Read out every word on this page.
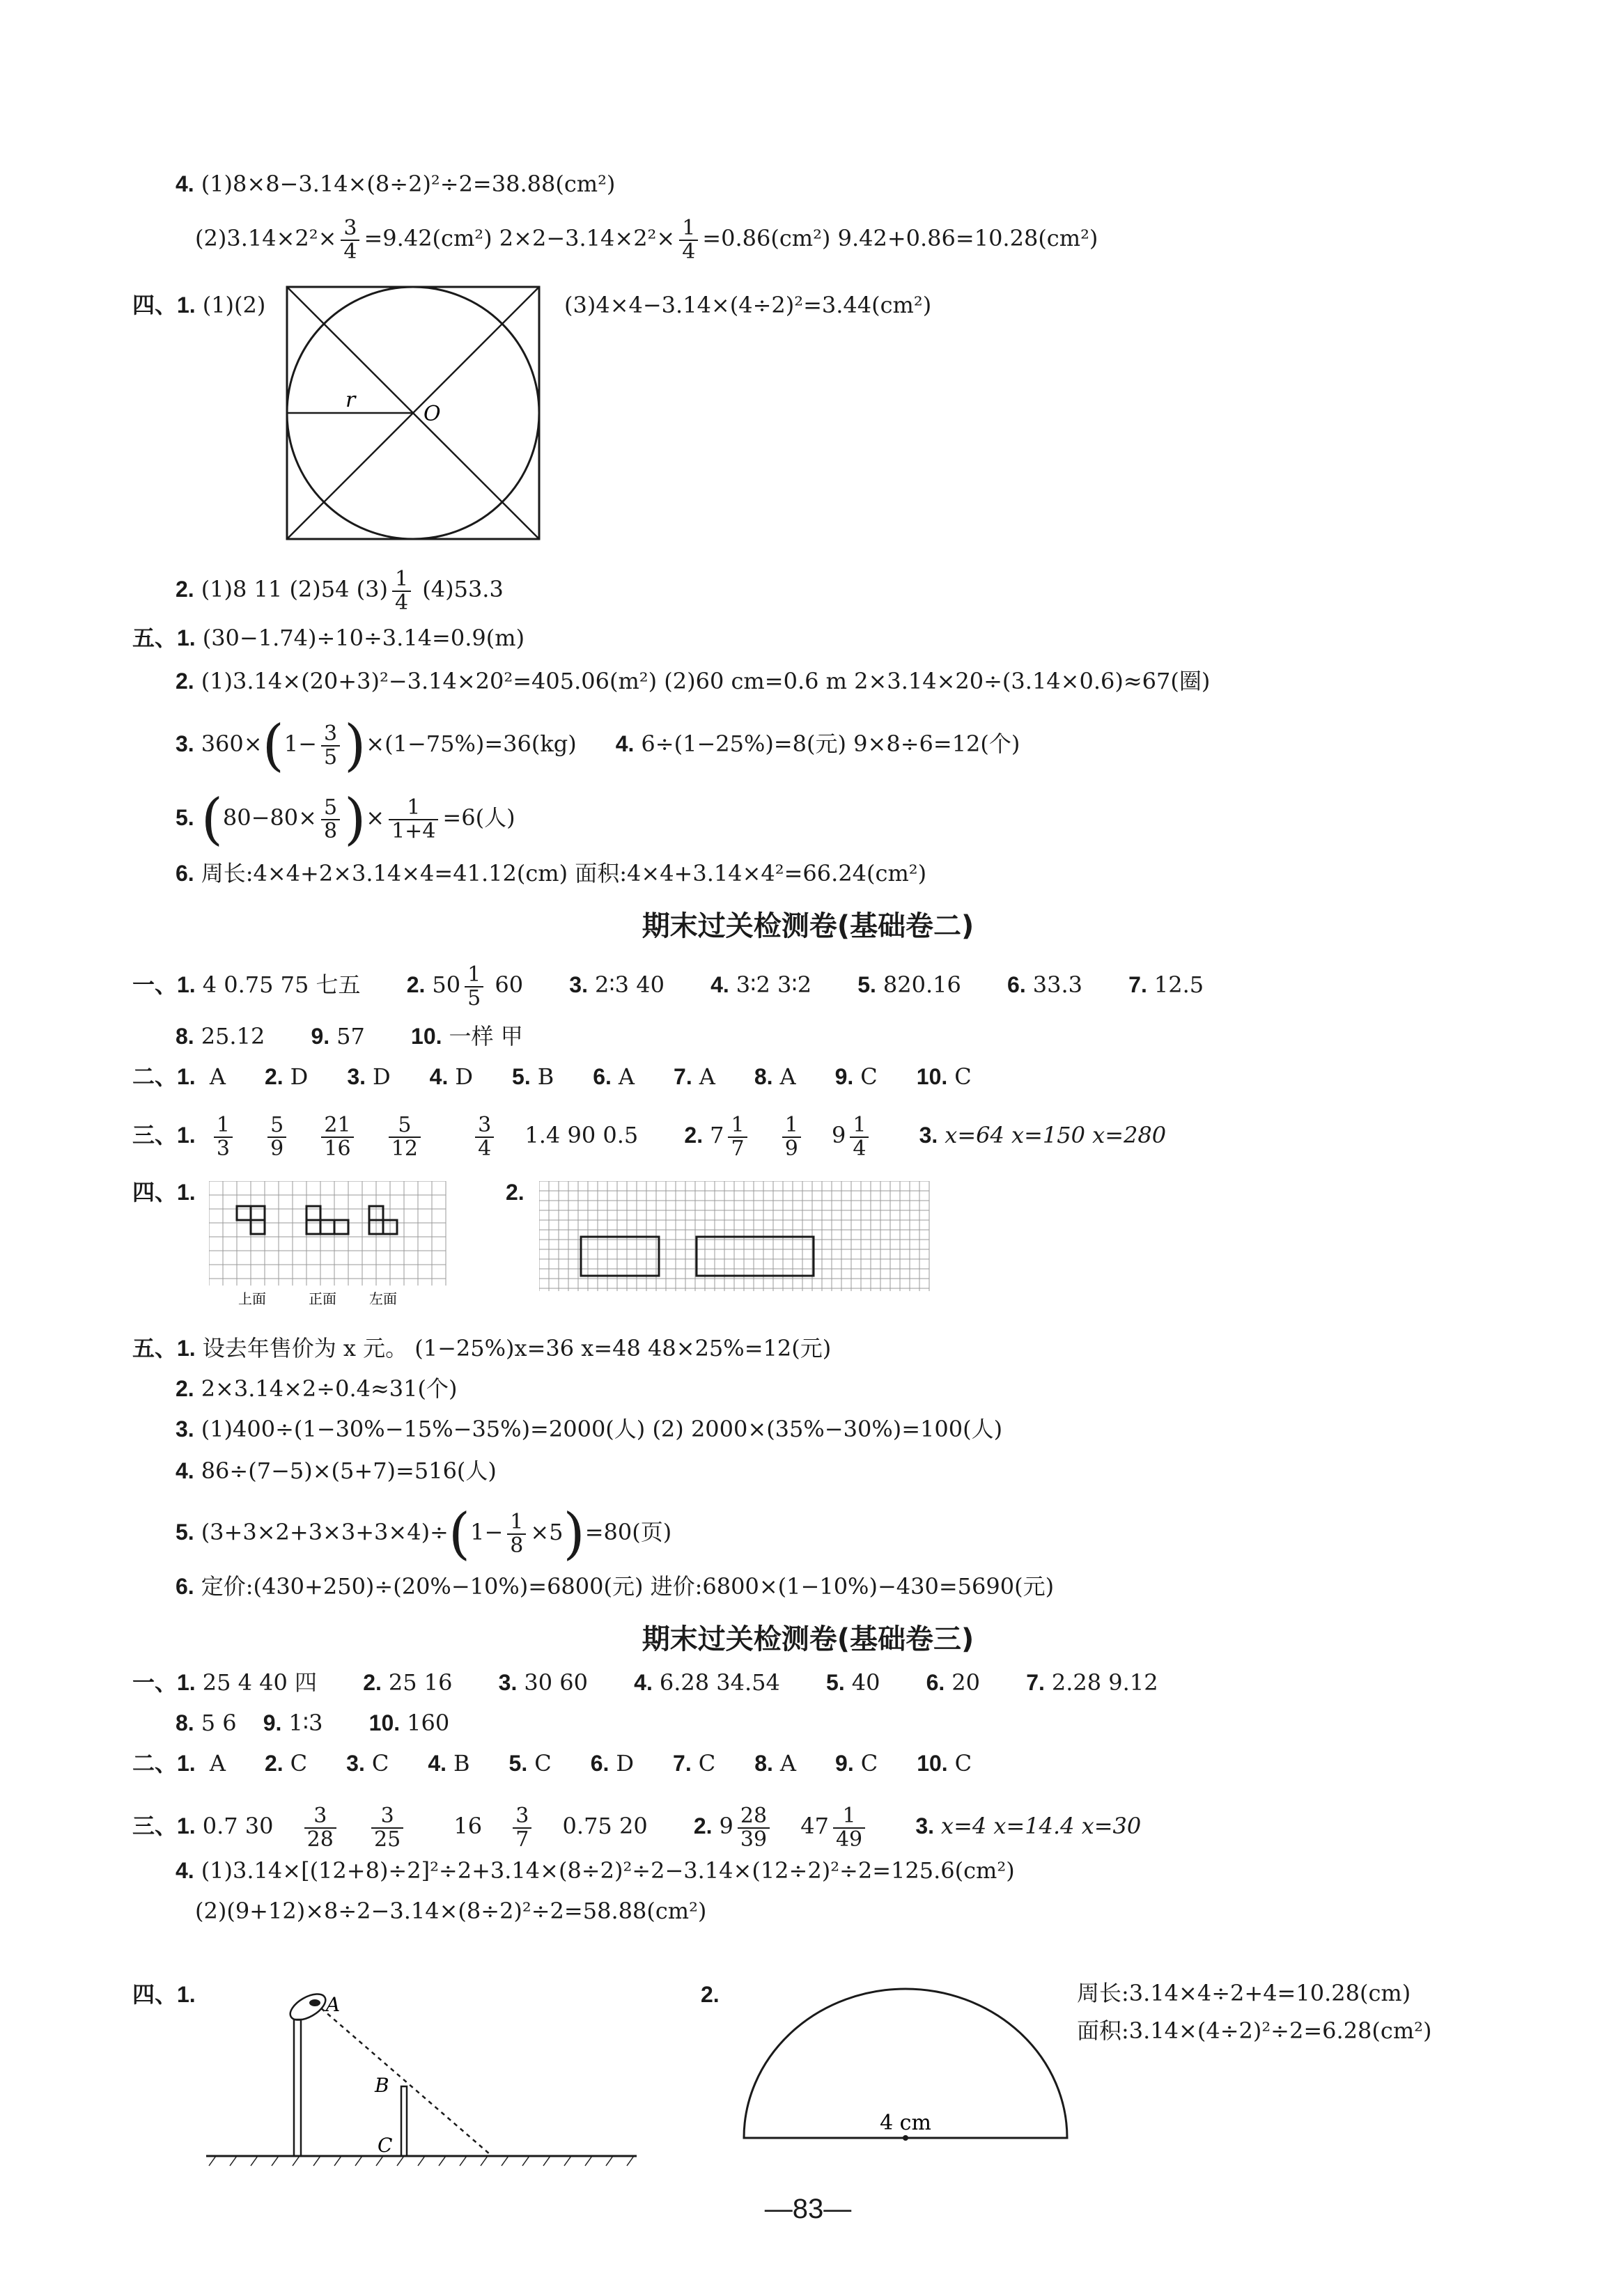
4. (1)8×8−3.14×(8÷2)²÷2=38.88(cm²)
$(2)3.14\times 2^2\times \frac{3}{4} =9.42(cm^2)$ $2\times 2-3.14\times 2^2\times \frac{1}{4} =0.86(cm^2)$ 9.42+0.86=10.28(cm²)
四、1. (1)(2)	(3)4×4−3.14×(4÷2)²=3.44(cm²)
r
O
2. (1)8 11 (2)54 $(3) \frac{1}{4} (4)53.3$
五、1. (30−1.74)÷10÷3.14=0.9(m)
2. (1)3.14×(20+3)²−3.14×20²=405.06(m²) (2)60 cm=0.6 m 2×3.14×20÷(3.14×0.6)≈67(圈)
3. $360\times(1- \frac{3}{5} )\times(1-75\%)=36(kg)$ 4. 6÷(1−25%)=8(元) 9×8÷6=12(个)
5. ($80-80\times \frac{5}{8}$ )× $\frac{1}{1+4} =6$(人)
6. 周长:4×4+2×3.14×4=41.12(cm) 面积:4×4+3.14×4²=66.24(cm²)
期末过关检测卷(基础卷二)
一、1. 4 0.75 75 七五 2. $50 \frac{1}{5} 60$ 3. 2∶3 40 4. 3∶2 3∶2 5. 820.16 6. 33.3 7. 12.5
8. 25.12 9. 57 10. 一样 甲
二、1. A 2. D 3. D 4. D 5. B 6. A 7. A 8. A 9. C 10. C
三、1. $\frac{1}{3}$
$\frac{5}{9}$
$\frac{21}{16}$
$\frac{5}{12}$
	$\frac{3}{4} 1.4$ 90 0.5 2. $7 \frac{1}{7}$
$\frac{1}{9} 9 \frac{1}{4} 3$. x=64 x=150 x=280
四、1.	2.
上面	正面 左面
五、1. 设去年售价为 x 元。 (1−25%)x=36 x=48 48×25%=12(元)
2. 2×3.14×2÷0.4≈31(个)
3. (1)400÷(1−30%−15%−35%)=2000(人) (2) 2000×(35%−30%)=100(人)
4. 86÷(7−5)×(5+7)=516(人)
5. $(3+3\times 2+3\times 3+3\times 4)\div(1- \frac{1}{8} \times 5)=80$(页)
6. 定价:(430+250)÷(20%−10%)=6800(元) 进价:6800×(1−10%)−430=5690(元)
期末过关检测卷(基础卷三)
一、1. 25 4 40 四 2. 25 16 3. 30 60 4. 6.28 34.54 5. 40 6. 20 7. 2.28 9.12
8. 5 6 9. 1∶3 10. 160
二、1. A 2. C 3. C 4. B 5. C 6. D 7. C 8. A 9. C 10. C
三、1. 0.7 $30 \frac{3}{28}$
$\frac{3}{25} 16 \frac{3}{7} 0.75$ 20 2. $9 \frac{28}{39} 47 \frac{1}{49} 3$. x=4 x=14.4 x=30
4. (1)3.14×[(12+8)÷2]²÷2+3.14×(8÷2)²÷2−3.14×(12÷2)²÷2=125.6(cm²)
(2)(9+12)×8÷2−3.14×(8÷2)²÷2=58.88(cm²)
四、1.	2.
A
B
C
4 cm
周长:3.14×4÷2+4=10.28(cm)
面积:3.14×(4÷2)²÷2=6.28(cm²)
—83—
